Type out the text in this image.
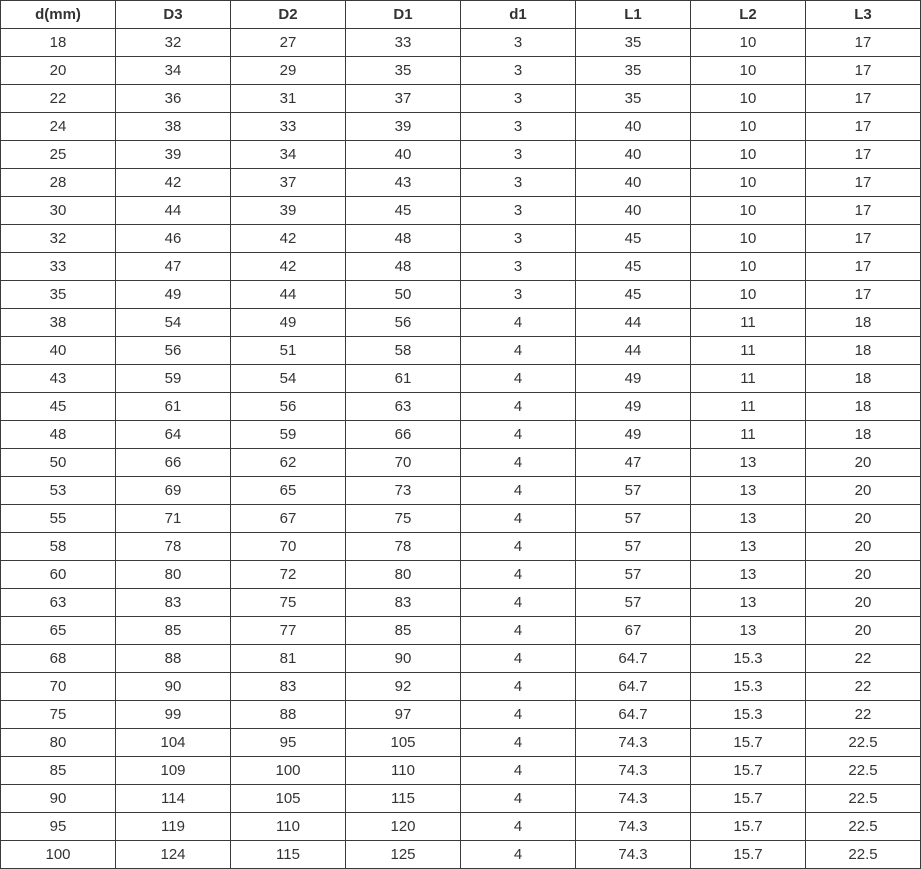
d(mm)	D3	D2	D1	d1	L1	L2	L3
18	32	27	33	3	35	10	17
20	34	29	35	3	35	10	17
22	36	31	37	3	35	10	17
24	38	33	39	3	40	10	17
25	39	34	40	3	40	10	17
28	42	37	43	3	40	10	17
30	44	39	45	3	40	10	17
32	46	42	48	3	45	10	17
33	47	42	48	3	45	10	17
35	49	44	50	3	45	10	17
38	54	49	56	4	44	11	18
40	56	51	58	4	44	11	18
43	59	54	61	4	49	11	18
45	61	56	63	4	49	11	18
48	64	59	66	4	49	11	18
50	66	62	70	4	47	13	20
53	69	65	73	4	57	13	20
55	71	67	75	4	57	13	20
58	78	70	78	4	57	13	20
60	80	72	80	4	57	13	20
63	83	75	83	4	57	13	20
65	85	77	85	4	67	13	20
68	88	81	90	4	64.7	15.3	22
70	90	83	92	4	64.7	15.3	22
75	99	88	97	4	64.7	15.3	22
80	104	95	105	4	74.3	15.7	22.5
85	109	100	110	4	74.3	15.7	22.5
90	114	105	115	4	74.3	15.7	22.5
95	119	110	120	4	74.3	15.7	22.5
100	124	115	125	4	74.3	15.7	22.5
